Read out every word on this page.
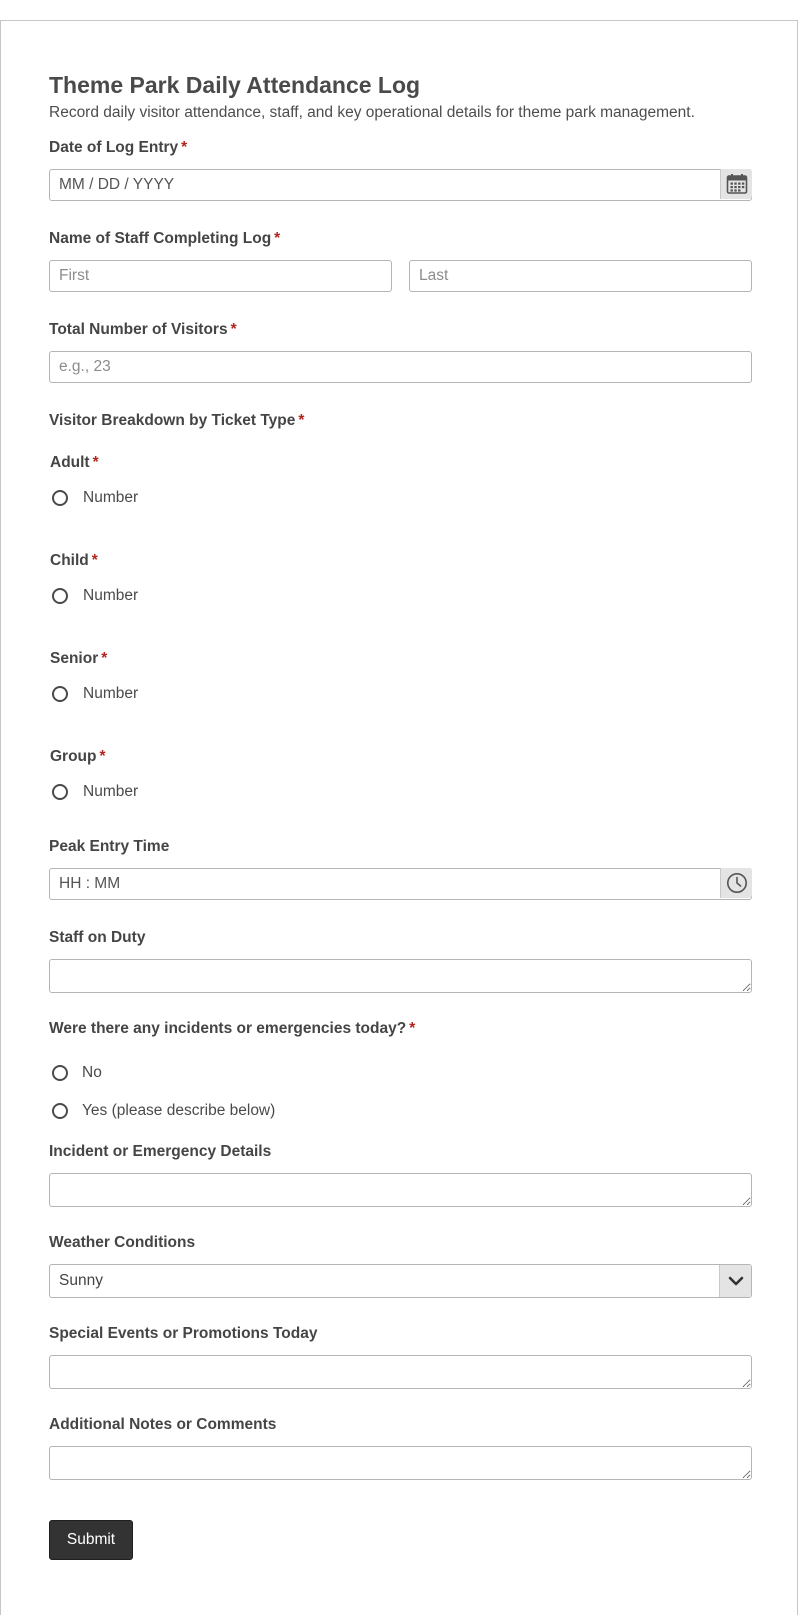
Theme Park Daily Attendance Log
Record daily visitor attendance, staff, and key operational details for theme park management.
Date of Log Entry *
MM / DD / YYYY
Name of Staff Completing Log *
First
Last
Total Number of Visitors *
e.g., 23
Visitor Breakdown by Ticket Type *
Adult *
Number
Child *
Number
Senior *
Number
Group *
Number
Peak Entry Time
HH : MM
Staff on Duty
Were there any incidents or emergencies today? *
No
Yes (please describe below)
Incident or Emergency Details
Weather Conditions
Sunny
Special Events or Promotions Today
Additional Notes or Comments
Submit
